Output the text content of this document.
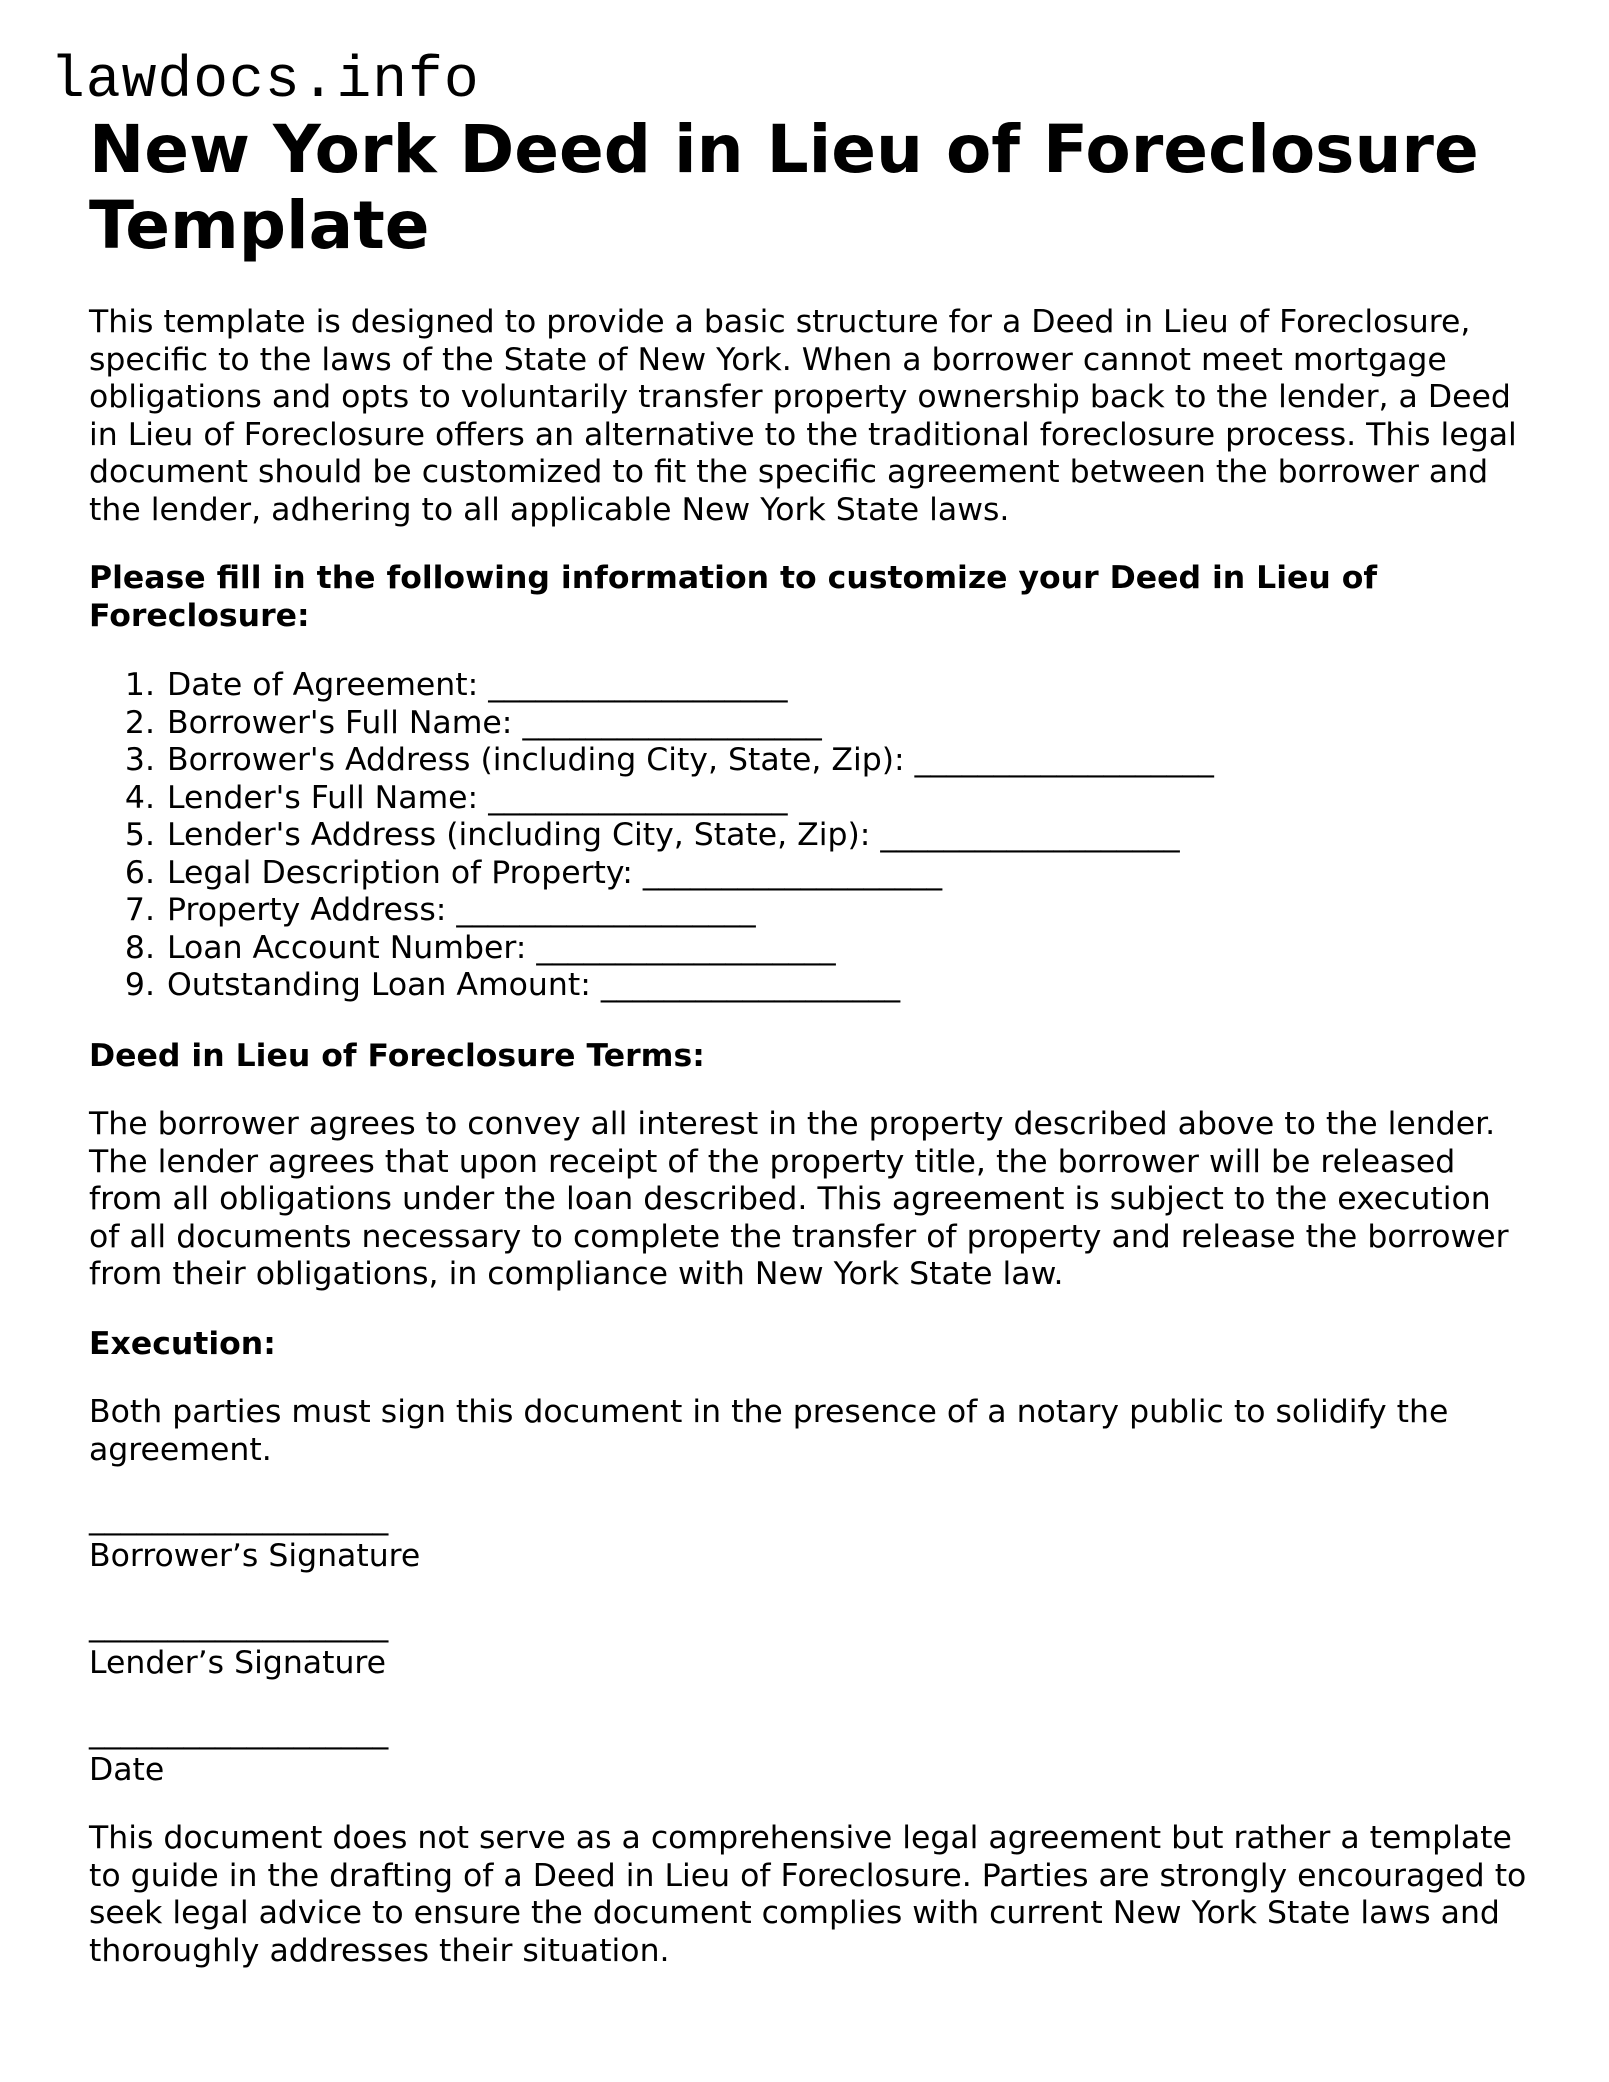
lawdocs.info
New York Deed in Lieu of Foreclosure Template

This template is designed to provide a basic structure for a Deed in Lieu of Foreclosure, specific to the laws of the State of New York. When a borrower cannot meet mortgage obligations and opts to voluntarily transfer property ownership back to the lender, a Deed in Lieu of Foreclosure offers an alternative to the traditional foreclosure process. This legal document should be customized to fit the specific agreement between the borrower and the lender, adhering to all applicable New York State laws.

Please fill in the following information to customize your Deed in Lieu of Foreclosure:

1. Date of Agreement: ___________________
2. Borrower's Full Name: ___________________
3. Borrower's Address (including City, State, Zip): ___________________
4. Lender's Full Name: ___________________
5. Lender's Address (including City, State, Zip): ___________________
6. Legal Description of Property: ___________________
7. Property Address: ___________________
8. Loan Account Number: ___________________
9. Outstanding Loan Amount: ___________________

Deed in Lieu of Foreclosure Terms:

The borrower agrees to convey all interest in the property described above to the lender. The lender agrees that upon receipt of the property title, the borrower will be released from all obligations under the loan described. This agreement is subject to the execution of all documents necessary to complete the transfer of property and release the borrower from their obligations, in compliance with New York State law.

Execution:

Both parties must sign this document in the presence of a notary public to solidify the agreement.

___________________
Borrower’s Signature
___________________
Lender’s Signature
___________________
Date

This document does not serve as a comprehensive legal agreement but rather a template to guide in the drafting of a Deed in Lieu of Foreclosure. Parties are strongly encouraged to seek legal advice to ensure the document complies with current New York State laws and thoroughly addresses their situation.
